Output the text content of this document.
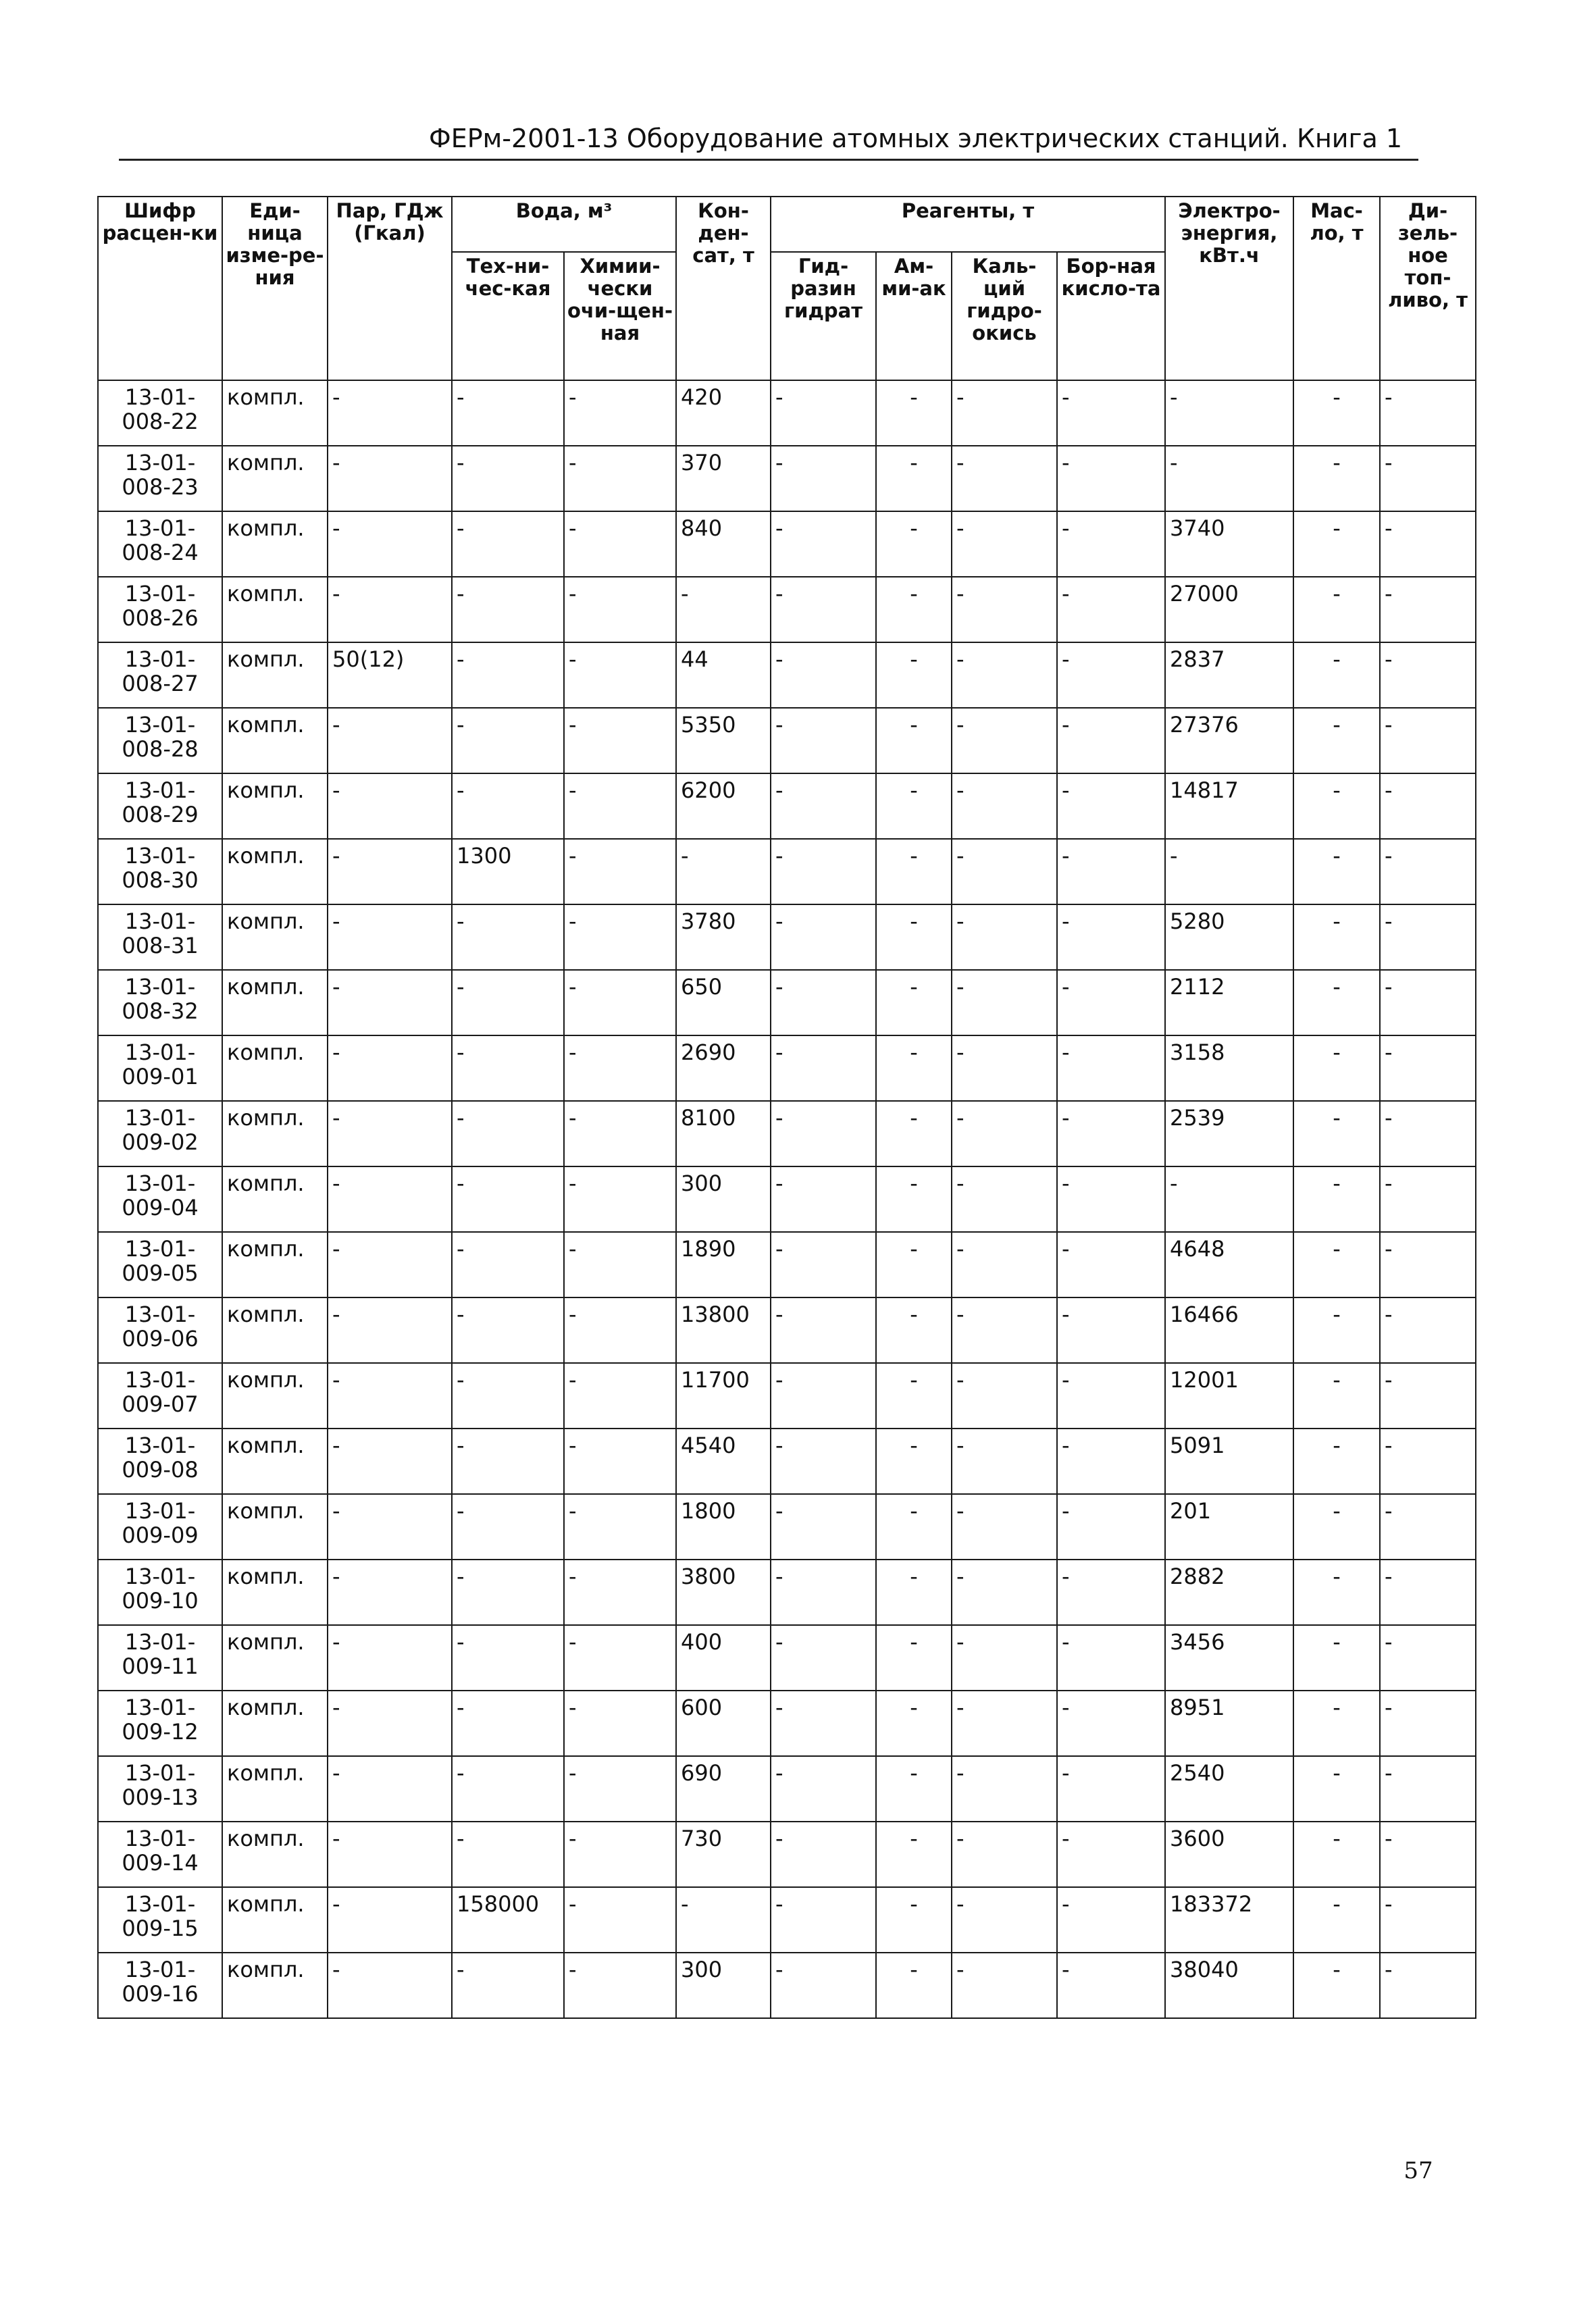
ФЕРм-2001-13 Оборудование атомных электрических станций. Книга 1
Шифр расцен-ки	Еди-ница изме-ре-ния	Пар, ГДж (Гкал)	Вода, м³		Кон-ден-сат, т	Реагенты, т				Электро-энергия, кВт.ч	Мас-ло, т	Ди-зель-ное топ-ливо, т
			Тех-ни-чес-кая	Химии-чески очи-щен-ная		Гид-разин гидрат	Ам-ми-ак	Каль-ций гидро-окись	Бор-ная кисло-та			

13-01-
008-22	компл.	-	-	-	420	-	-	-	-	-	-	-

13-01-
008-23	компл.	-	-	-	370	-	-	-	-	-	-	-

13-01-
008-24	компл.	-	-	-	840	-	-	-	-	3740	-	-

13-01-
008-26	компл.	-	-	-	-	-	-	-	-	27000	-	-

13-01-
008-27	компл.	50(12)	-	-	44	-	-	-	-	2837	-	-

13-01-
008-28	компл.	-	-	-	5350	-	-	-	-	27376	-	-

13-01-
008-29	компл.	-	-	-	6200	-	-	-	-	14817	-	-

13-01-
008-30	компл.	-	1300	-	-	-	-	-	-	-	-	-

13-01-
008-31	компл.	-	-	-	3780	-	-	-	-	5280	-	-

13-01-
008-32	компл.	-	-	-	650	-	-	-	-	2112	-	-

13-01-
009-01	компл.	-	-	-	2690	-	-	-	-	3158	-	-

13-01-
009-02	компл.	-	-	-	8100	-	-	-	-	2539	-	-

13-01-
009-04	компл.	-	-	-	300	-	-	-	-	-	-	-

13-01-
009-05	компл.	-	-	-	1890	-	-	-	-	4648	-	-

13-01-
009-06	компл.	-	-	-	13800	-	-	-	-	16466	-	-

13-01-
009-07	компл.	-	-	-	11700	-	-	-	-	12001	-	-

13-01-
009-08	компл.	-	-	-	4540	-	-	-	-	5091	-	-

13-01-
009-09	компл.	-	-	-	1800	-	-	-	-	201	-	-

13-01-
009-10	компл.	-	-	-	3800	-	-	-	-	2882	-	-

13-01-
009-11	компл.	-	-	-	400	-	-	-	-	3456	-	-

13-01-
009-12	компл.	-	-	-	600	-	-	-	-	8951	-	-

13-01-
009-13	компл.	-	-	-	690	-	-	-	-	2540	-	-

13-01-
009-14	компл.	-	-	-	730	-	-	-	-	3600	-	-

13-01-
009-15	компл.	-	158000	-	-	-	-	-	-	183372	-	-

13-01-
009-16	компл.	-	-	-	300	-	-	-	-	38040	-	-
57
